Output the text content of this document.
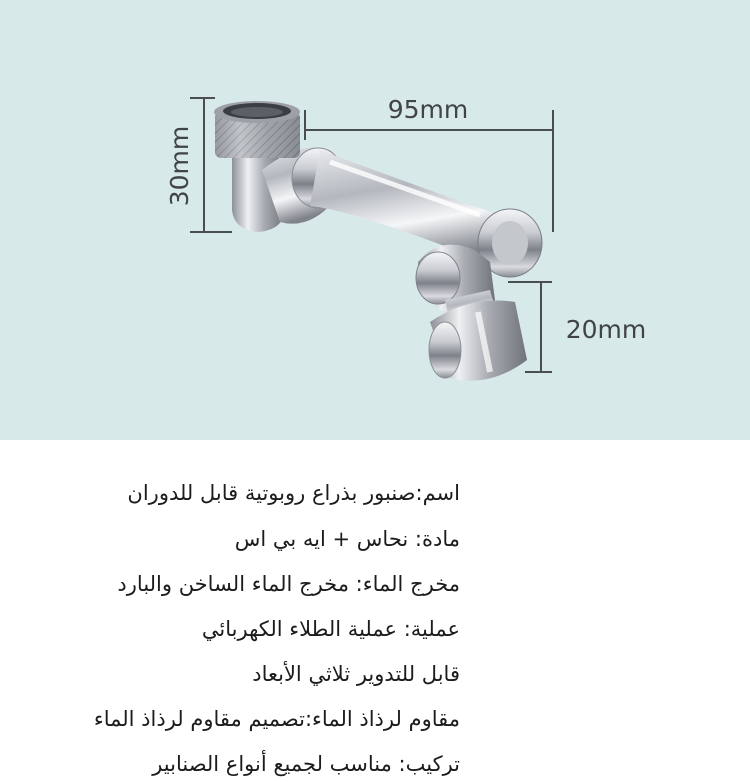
30mm
95mm
20mm
اسم:صنبور بذراع روبوتية قابل للدوران
مادة: نحاس + ايه بي اس
مخرج الماء: مخرج الماء الساخن والبارد
عملية: عملية الطلاء الكهربائي
قابل للتدوير ثلاثي الأبعاد
مقاوم لرذاذ الماء:تصميم مقاوم لرذاذ الماء
تركيب: مناسب لجميع أنواع الصنابير
